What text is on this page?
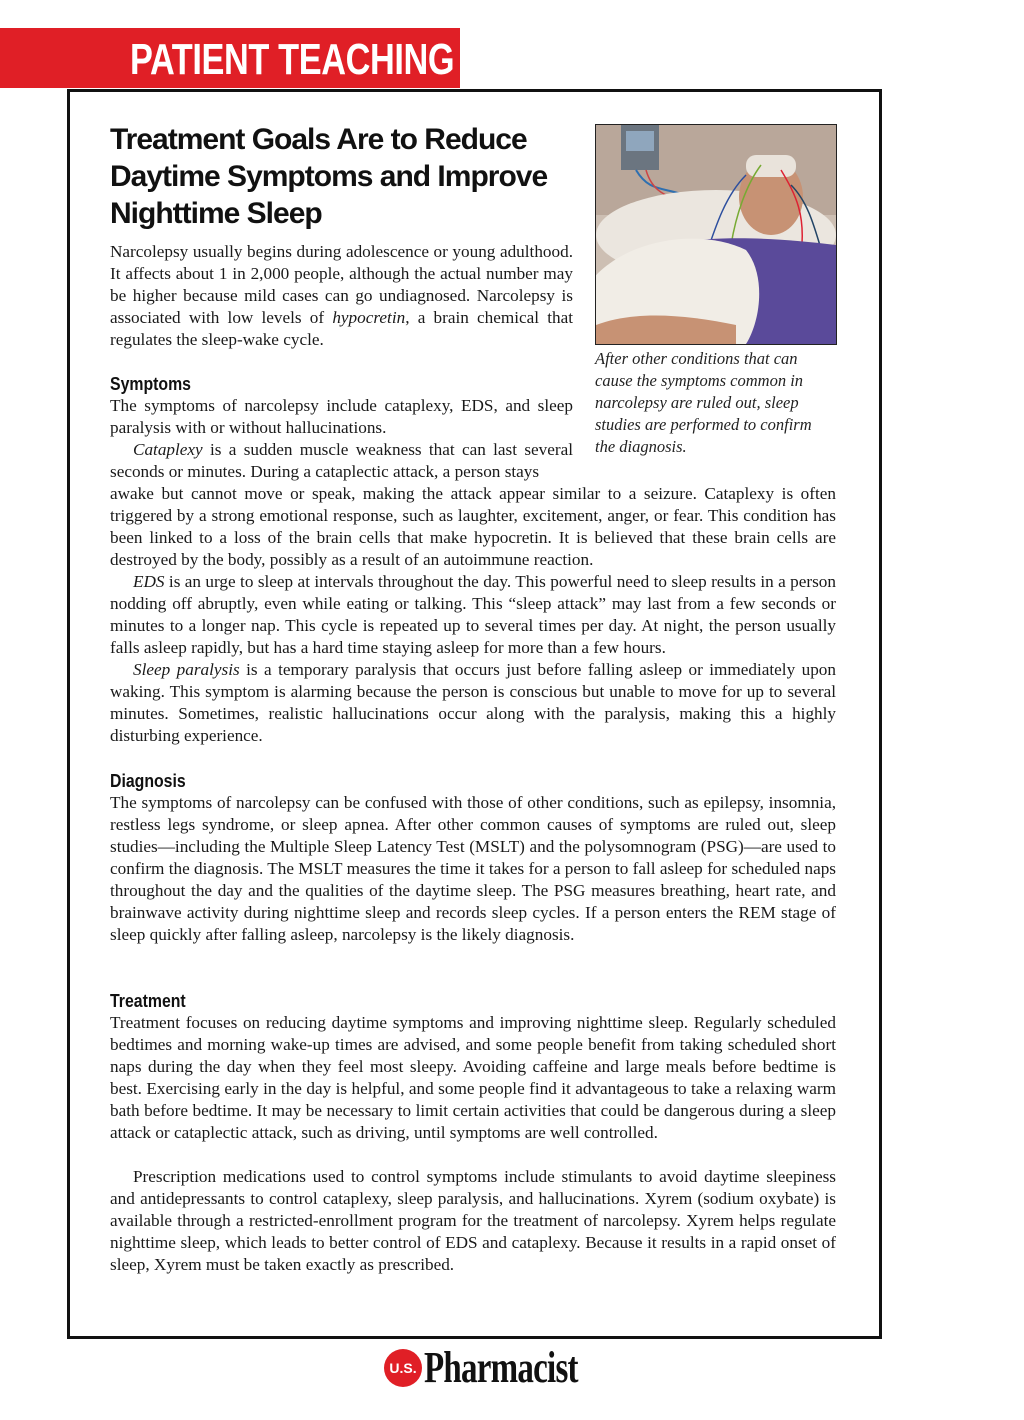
PATIENT TEACHING AID
Treatment Goals Are to Reduce Daytime Symptoms and Improve Nighttime Sleep

After other conditions that can cause the symptoms common in narcolepsy are ruled out, sleep studies are performed to confirm the diagnosis.

Narcolepsy usually begins during adolescence or young adulthood. It affects about 1 in 2,000 people, although the actual number may be higher because mild cases can go undiagnosed. Narcolepsy is associated with low levels of hypocretin, a brain chemical that regulates the sleep-wake cycle.

Symptoms

The symptoms of narcolepsy include cataplexy, EDS, and sleep paralysis with or without hallucinations.

Cataplexy is a sudden muscle weakness that can last several seconds or minutes. During a cataplectic attack, a person stays

awake but cannot move or speak, making the attack appear similar to a seizure. Cataplexy is often triggered by a strong emotional response, such as laughter, excitement, anger, or fear. This condition has been linked to a loss of the brain cells that make hypocretin. It is believed that these brain cells are destroyed by the body, possibly as a result of an autoimmune reaction.

EDS is an urge to sleep at intervals throughout the day. This powerful need to sleep results in a person nodding off abruptly, even while eating or talking. This “sleep attack” may last from a few seconds or minutes to a longer nap. This cycle is repeated up to several times per day. At night, the person usually falls asleep rapidly, but has a hard time staying asleep for more than a few hours.

Sleep paralysis is a temporary paralysis that occurs just before falling asleep or immediately upon waking. This symptom is alarming because the person is conscious but unable to move for up to several minutes. Sometimes, realistic hallucinations occur along with the paralysis, making this a highly disturbing experience.

Diagnosis

The symptoms of narcolepsy can be confused with those of other conditions, such as epilepsy, insomnia, restless legs syndrome, or sleep apnea. After other common causes of symptoms are ruled out, sleep studies—including the Multiple Sleep Latency Test (MSLT) and the polysomnogram (PSG)—are used to confirm the diagnosis. The MSLT measures the time it takes for a person to fall asleep for scheduled naps throughout the day and the qualities of the daytime sleep. The PSG measures breathing, heart rate, and brainwave activity during nighttime sleep and records sleep cycles. If a person enters the REM stage of sleep quickly after falling asleep, narcolepsy is the likely diagnosis.

Treatment

Treatment focuses on reducing daytime symptoms and improving nighttime sleep. Regularly scheduled bedtimes and morning wake-up times are advised, and some people benefit from taking scheduled short naps during the day when they feel most sleepy. Avoiding caffeine and large meals before bedtime is best. Exercising early in the day is helpful, and some people find it advantageous to take a relaxing warm bath before bedtime. It may be necessary to limit certain activities that could be dangerous during a sleep attack or cataplectic attack, such as driving, until symptoms are well controlled.

Prescription medications used to control symptoms include stimulants to avoid daytime sleepiness and antidepressants to control cataplexy, sleep paralysis, and hallucinations. Xyrem (sodium oxybate) is available through a restricted-enrollment program for the treatment of narcolepsy. Xyrem helps regulate nighttime sleep, which leads to better control of EDS and cataplexy. Because it results in a rapid onset of sleep, Xyrem must be taken exactly as prescribed.

U.S. Pharmacist
